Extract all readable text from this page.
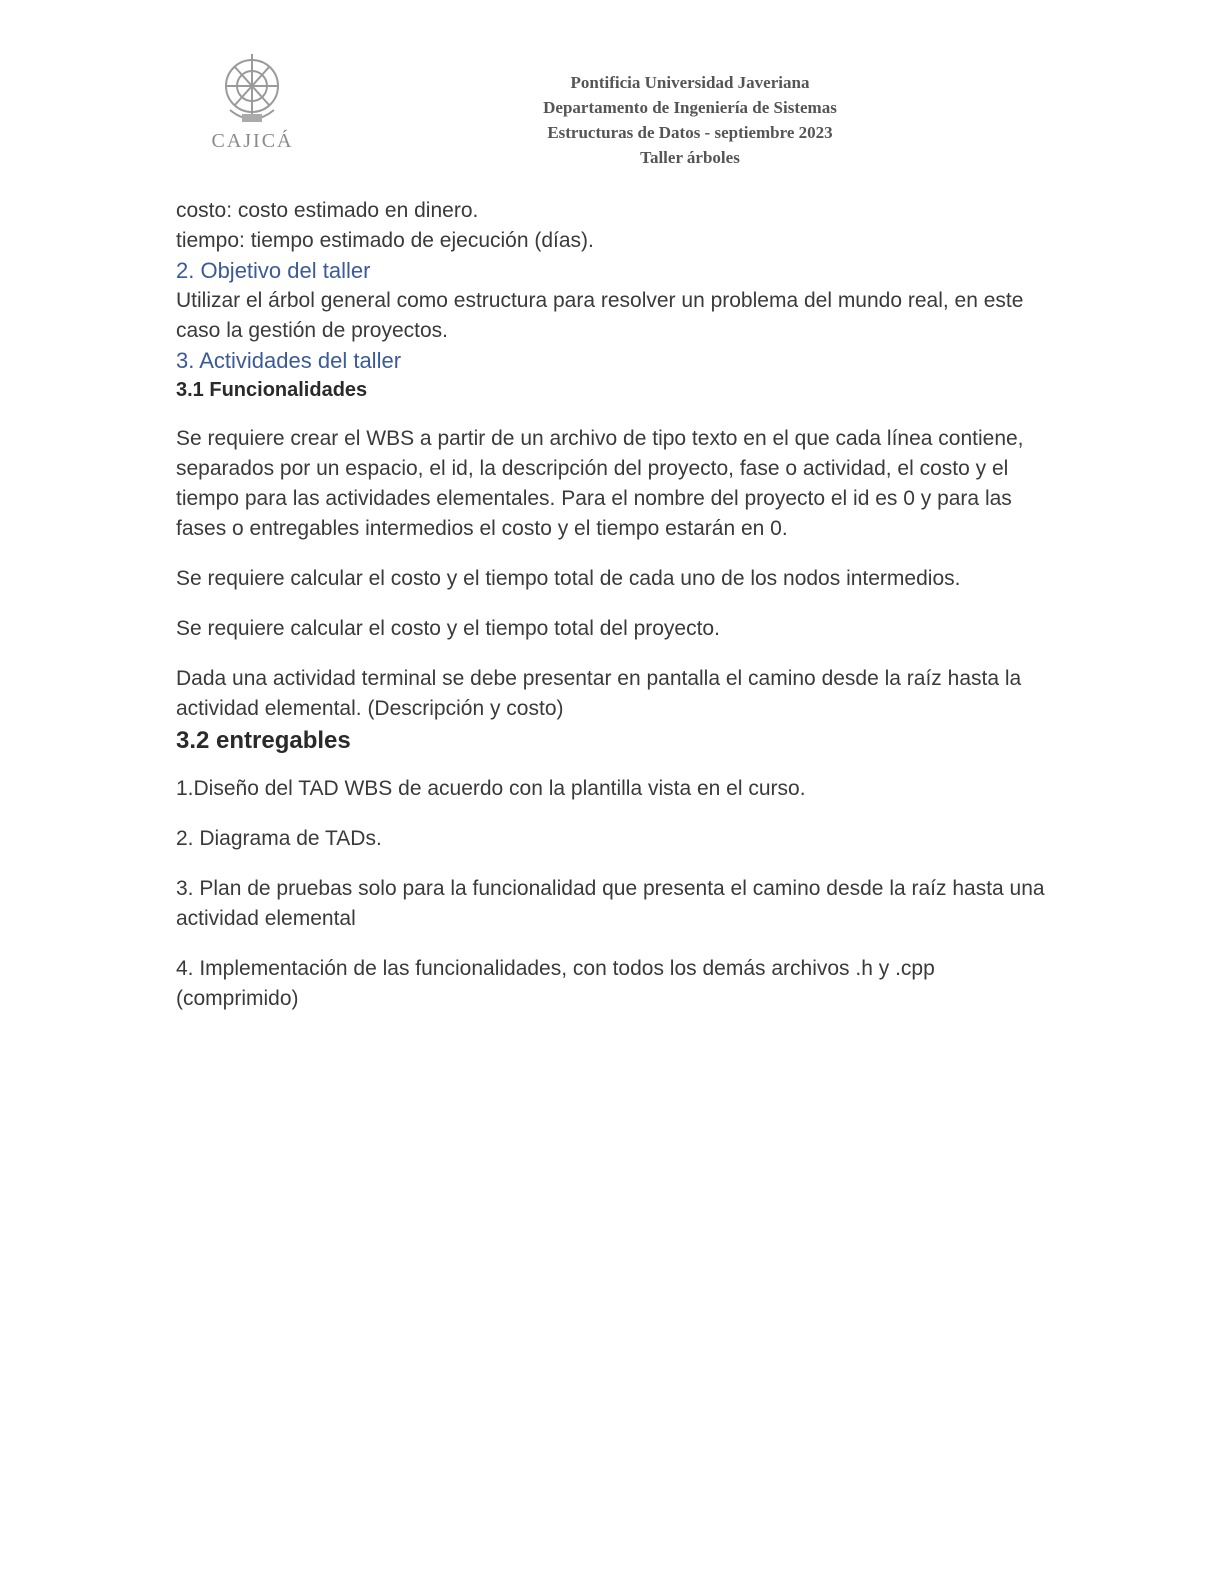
CAJICÁ
Pontificia Universidad Javeriana
Departamento de Ingeniería de Sistemas
Estructuras de Datos - septiembre 2023
Taller árboles

costo: costo estimado en dinero.

tiempo: tiempo estimado de ejecución (días).

2. Objetivo del taller

Utilizar el árbol general como estructura para resolver un problema del mundo real, en este caso la gestión de proyectos.

3. Actividades del taller

3.1 Funcionalidades

Se requiere crear el WBS a partir de un archivo de tipo texto en el que cada línea contiene, separados por un espacio, el id, la descripción del proyecto, fase o actividad, el costo y el tiempo para las actividades elementales. Para el nombre del proyecto el id es 0 y para las fases o entregables intermedios el costo y el tiempo estarán en 0.

Se requiere calcular el costo y el tiempo total de cada uno de los nodos intermedios.

Se requiere calcular el costo y el tiempo total del proyecto.

Dada una actividad terminal se debe presentar en pantalla el camino desde la raíz hasta la actividad elemental. (Descripción y costo)

3.2 entregables

1.Diseño del TAD WBS de acuerdo con la plantilla vista en el curso.

2. Diagrama de TADs.

3. Plan de pruebas solo para la funcionalidad que presenta el camino desde la raíz hasta una actividad elemental

4. Implementación de las funcionalidades, con todos los demás archivos .h y .cpp (comprimido)
